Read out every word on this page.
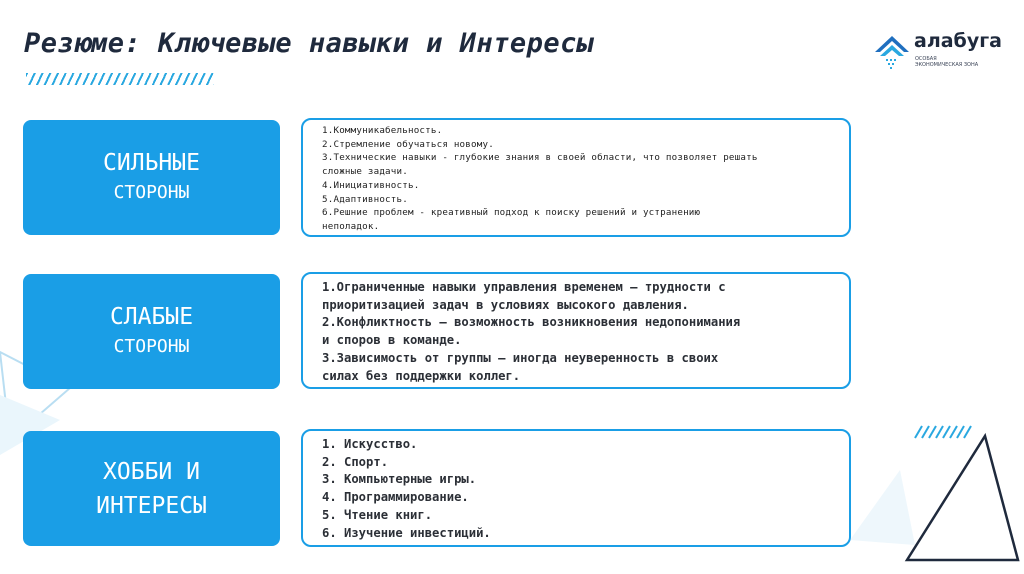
Резюме: Ключевые навыки и Интересы	алабуга
ОСОБАЯ ЭКОНОМИЧЕСКАЯ ЗОНА
СИЛЬНЫЕ
СТОРОНЫ
1.Коммуникабельность.
2.Стремление обучаться новому.
3.Технические навыки - глубокие знания в своей области, что позволяет решать
сложные задачи.
4.Инициативность.
5.Адаптивность.
6.Решние проблем - креативный подход к поиску решений и устранению
неполадок.
СЛАБЫЕ
СТОРОНЫ
1.Ограниченные навыки управления временем — трудности с
приоритизацией задач в условиях высокого давления.
2.Конфликтность — возможность возникновения недопонимания
и споров в команде.
3.Зависимость от группы — иногда неуверенность в своих
силах без поддержки коллег.
ХОББИ И
ИНТЕРЕСЫ
1. Искусство.
2. Спорт.
3. Компьютерные игры.
4. Программирование.
5. Чтение книг.
6. Изучение инвестиций.
